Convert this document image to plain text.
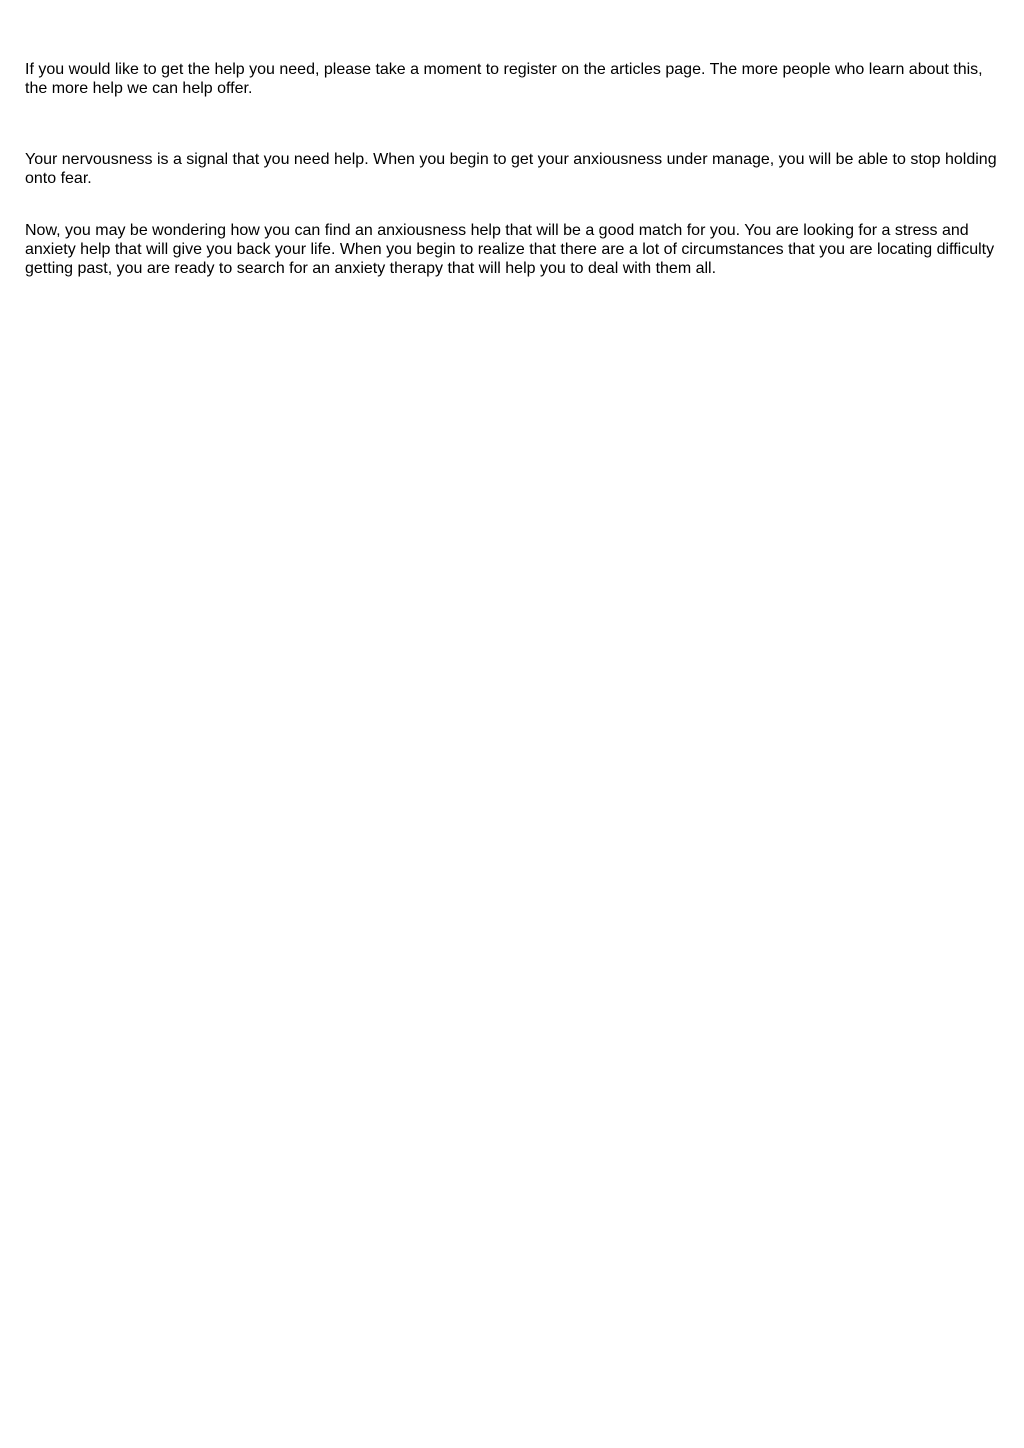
If you would like to get the help you need, please take a moment to register on the articles page. The more people who learn about this, the more help we can help offer.

Your nervousness is a signal that you need help. When you begin to get your anxiousness under manage, you will be able to stop holding onto fear.

Now, you may be wondering how you can find an anxiousness help that will be a good match for you. You are looking for a stress and anxiety help that will give you back your life. When you begin to realize that there are a lot of circumstances that you are locating difficulty getting past, you are ready to search for an anxiety therapy that will help you to deal with them all.
